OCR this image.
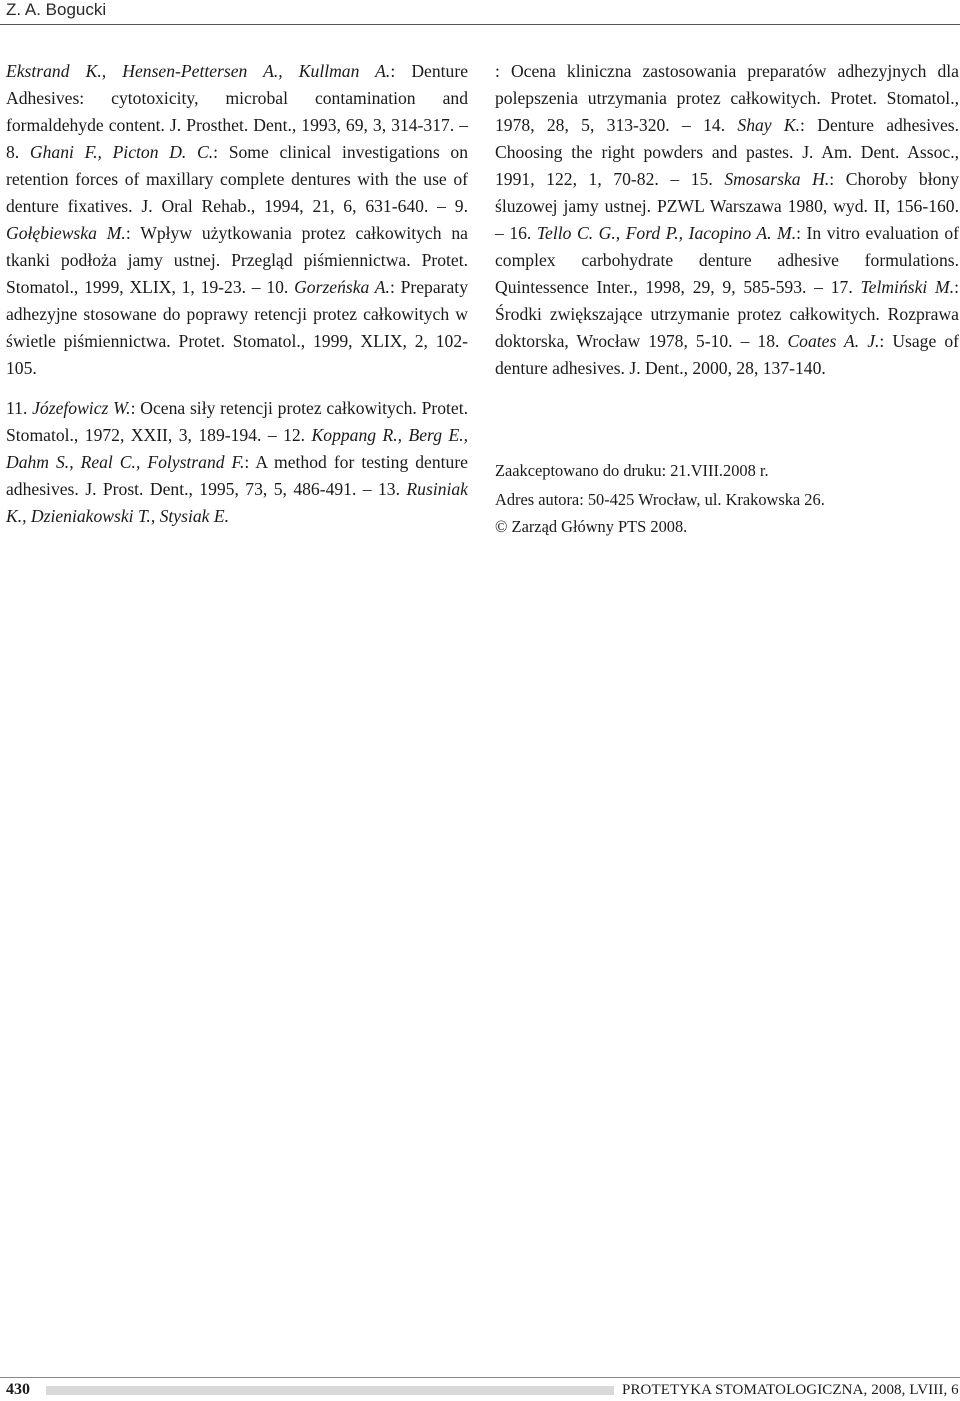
Z. A. Bogucki

Ekstrand K., Hensen-Pettersen A., Kullman A.: Denture Adhesives: cytotoxicity, microbal contamination and formaldehyde content. J. Prosthet. Dent., 1993, 69, 3, 314-317. – 8. Ghani F., Picton D. C.: Some clinical investigations on retention forces of maxillary complete dentures with the use of denture fixatives. J. Oral Rehab., 1994, 21, 6, 631-640. – 9. Gołębiewska M.: Wpływ użytkowania protez całkowitych na tkanki podłoża jamy ustnej. Przegląd piśmiennictwa. Protet. Stomatol., 1999, XLIX, 1, 19-23. – 10. Gorzeńska A.: Preparaty adhezyjne stosowane do poprawy retencji protez całkowitych w świetle piśmiennictwa. Protet. Stomatol., 1999, XLIX, 2, 102-105.

11. Józefowicz W.: Ocena siły retencji protez całkowitych. Protet. Stomatol., 1972, XXII, 3, 189-194. – 12. Koppang R., Berg E., Dahm S., Real C., Folystrand F.: A method for testing denture adhesives. J. Prost. Dent., 1995, 73, 5, 486-491. – 13. Rusiniak K., Dzieniakowski T., Stysiak E.

: Ocena kliniczna zastosowania preparatów adhezyjnych dla polepszenia utrzymania protez całkowitych. Protet. Stomatol., 1978, 28, 5, 313-320. – 14. Shay K.: Denture adhesives. Choosing the right powders and pastes. J. Am. Dent. Assoc., 1991, 122, 1, 70-82. – 15. Smosarska H.: Choroby błony śluzowej jamy ustnej. PZWL Warszawa 1980, wyd. II, 156-160. – 16. Tello C. G., Ford P., Iacopino A. M.: In vitro evaluation of complex carbohydrate denture adhesive formulations. Quintessence Inter., 1998, 29, 9, 585-593. – 17. Telmiński M.: Środki zwiększające utrzymanie protez całkowitych. Rozprawa doktorska, Wrocław 1978, 5-10. – 18. Coates A. J.: Usage of denture adhesives. J. Dent., 2000, 28, 137-140.

Zaakceptowano do druku: 21.VIII.2008 r.

Adres autora: 50-425 Wrocław, ul. Krakowska 26.

© Zarząd Główny PTS 2008.

430	PROTETYKA STOMATOLOGICZNA, 2008, LVIII, 6
